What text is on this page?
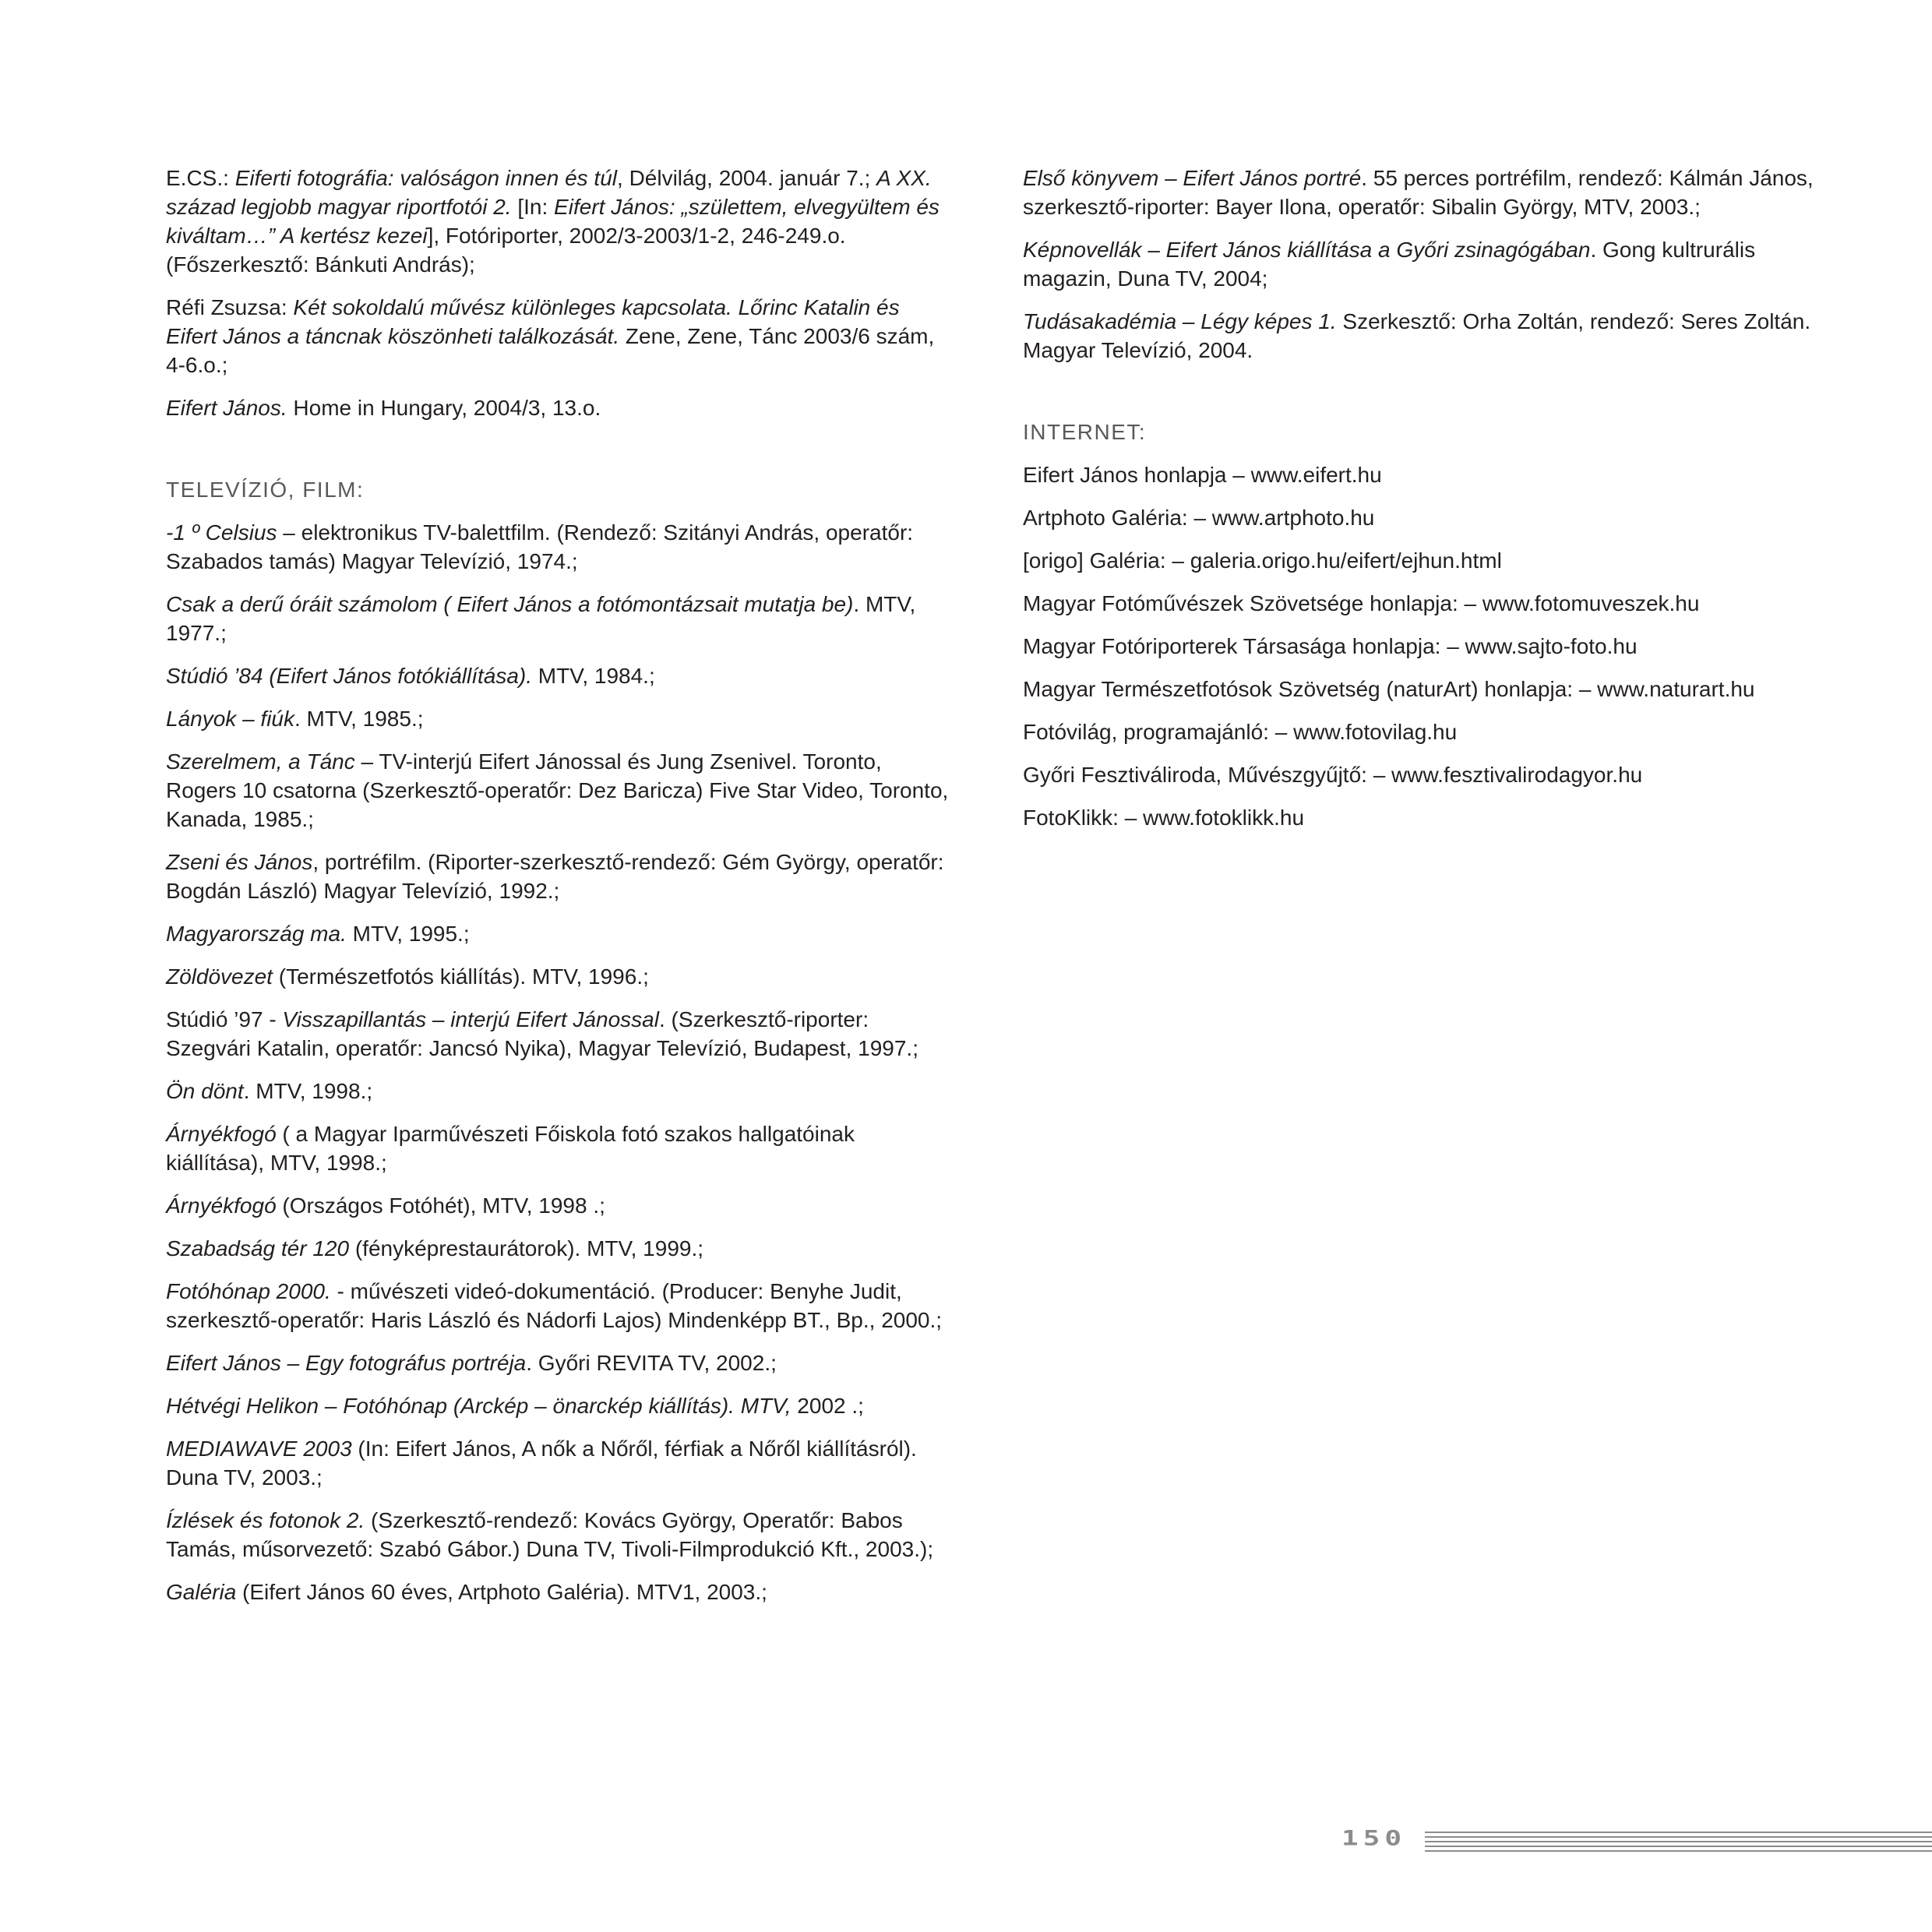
E.CS.: Eiferti fotográfia: valóságon innen és túl, Délvilág, 2004. január 7.; A XX. század legjobb magyar riportfotói 2. [In: Eifert János: „születtem, elvegyültem és kiváltam…” A kertész kezei], Fotóriporter, 2002/3-2003/1-2, 246-249.o. (Főszerkesztő: Bánkuti András);
Réfi Zsuzsa: Két sokoldalú művész különleges kapcsolata. Lőrinc Katalin és Eifert János a táncnak köszönheti találkozását. Zene, Zene, Tánc 2003/6 szám, 4-6.o.;
Eifert János. Home in Hungary, 2004/3, 13.o.
TELEVÍZIÓ, FILM:
-1 º Celsius – elektronikus TV-balettfilm. (Rendező: Szitányi András, operatőr: Szabados tamás) Magyar Televízió, 1974.;
Csak a derű óráit számolom ( Eifert János a fotómontázsait mutatja be). MTV, 1977.;
Stúdió ’84 (Eifert János fotókiállítása). MTV, 1984.;
Lányok – fiúk. MTV, 1985.;
Szerelmem, a Tánc – TV-interjú Eifert Jánossal és Jung Zsenivel. Toronto, Rogers 10 csatorna (Szerkesztő-operatőr: Dez Baricza) Five Star Video, Toronto, Kanada, 1985.;
Zseni és János, portréfilm. (Riporter-szerkesztő-rendező: Gém György, operatőr: Bogdán László) Magyar Televízió, 1992.;
Magyarország ma. MTV, 1995.;
Zöldövezet (Természetfotós kiállítás). MTV, 1996.;
Stúdió ’97 - Visszapillantás – interjú Eifert Jánossal. (Szerkesztő-riporter: Szegvári Katalin, operatőr: Jancsó Nyika), Magyar Televízió, Budapest, 1997.;
Ön dönt. MTV, 1998.;
Árnyékfogó ( a Magyar Iparművészeti Főiskola fotó szakos hallgatóinak kiállítása), MTV, 1998.;
Árnyékfogó (Országos Fotóhét), MTV, 1998 .;
Szabadság tér 120 (fényképrestaurátorok). MTV, 1999.;
Fotóhónap 2000. - művészeti videó-dokumentáció. (Producer: Benyhe Judit, szerkesztő-operatőr: Haris László és Nádorfi Lajos) Mindenképp BT., Bp., 2000.;
Eifert János – Egy fotográfus portréja. Győri REVITA TV, 2002.;
Hétvégi Helikon – Fotóhónap (Arckép – önarckép kiállítás). MTV, 2002 .;
MEDIAWAVE 2003 (In: Eifert János, A nők a Nőről, férfiak a Nőről kiállításról). Duna TV, 2003.;
Ízlések és fotonok 2. (Szerkesztő-rendező: Kovács György, Operatőr: Babos Tamás, műsorvezető: Szabó Gábor.) Duna TV, Tivoli-Filmprodukció Kft., 2003.);
Galéria (Eifert János 60 éves, Artphoto Galéria). MTV1, 2003.;
Első könyvem – Eifert János portré. 55 perces portréfilm, rendező: Kálmán János, szerkesztő-riporter: Bayer Ilona, operatőr: Sibalin György, MTV, 2003.;
Képnovellák – Eifert János kiállítása a Győri zsinagógában. Gong kultrurális magazin, Duna TV, 2004;
Tudásakadémia – Légy képes 1. Szerkesztő: Orha Zoltán, rendező: Seres Zoltán. Magyar Televízió, 2004.
INTERNET:
Eifert János honlapja – www.eifert.hu
Artphoto Galéria: – www.artphoto.hu
[origo] Galéria: – galeria.origo.hu/eifert/ejhun.html
Magyar Fotóművészek Szövetsége honlapja: – www.fotomuveszek.hu
Magyar Fotóriporterek Társasága honlapja: – www.sajto-foto.hu
Magyar Természetfotósok Szövetség (naturArt) honlapja: – www.naturart.hu
Fotóvilág, programajánló: – www.fotovilag.hu
Győri Fesztiváliroda, Művészgyűjtő: – www.fesztivalirodagyor.hu
FotoKlikk: – www.fotoklikk.hu
150
